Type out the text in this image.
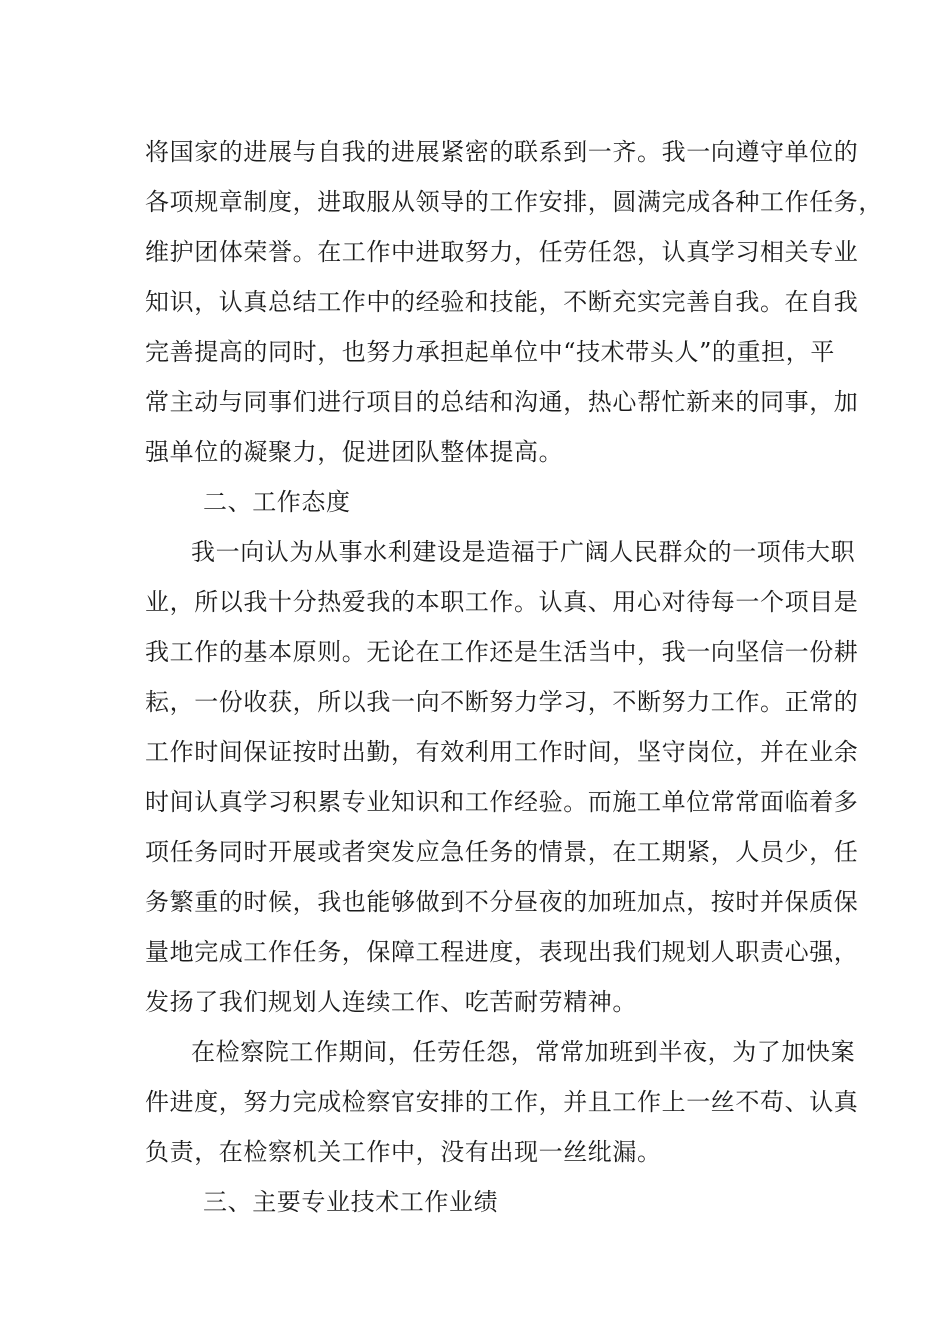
将国家的进展与自我的进展紧密的联系到一齐。我一向遵守单位的
各项规章制度，进取服从领导的工作安排，圆满完成各种工作任务，
维护团体荣誉。在工作中进取努力，任劳任怨，认真学习相关专业
知识，认真总结工作中的经验和技能，不断充实完善自我。在自我
完善提高的同时，也努力承担起单位中“技术带头人”的重担，平
常主动与同事们进行项目的总结和沟通，热心帮忙新来的同事，加
强单位的凝聚力，促进团队整体提高。
二、工作态度
我一向认为从事水利建设是造福于广阔人民群众的一项伟大职
业，所以我十分热爱我的本职工作。认真、用心对待每一个项目是
我工作的基本原则。无论在工作还是生活当中，我一向坚信一份耕
耘，一份收获，所以我一向不断努力学习，不断努力工作。正常的
工作时间保证按时出勤，有效利用工作时间，坚守岗位，并在业余
时间认真学习积累专业知识和工作经验。而施工单位常常面临着多
项任务同时开展或者突发应急任务的情景，在工期紧，人员少，任
务繁重的时候，我也能够做到不分昼夜的加班加点，按时并保质保
量地完成工作任务，保障工程进度，表现出我们规划人职责心强，
发扬了我们规划人连续工作、吃苦耐劳精神。
在检察院工作期间，任劳任怨，常常加班到半夜，为了加快案
件进度，努力完成检察官安排的工作，并且工作上一丝不苟、认真
负责，在检察机关工作中，没有出现一丝纰漏。
三、主要专业技术工作业绩
